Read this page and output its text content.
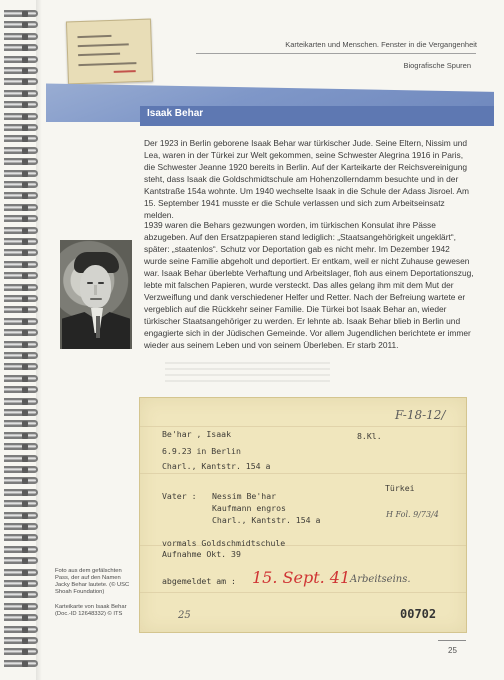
Karteikarten und Menschen. Fenster in die Vergangenheit
Biografische Spuren
Isaak Behar
Der 1923 in Berlin geborene Isaak Behar war türkischer Jude. Seine Eltern, Nissim und Lea, waren in der Türkei zur Welt gekommen, seine Schwester Alegrina 1916 in Paris, die Schwester Jeanne 1920 bereits in Berlin. Auf der Karteikarte der Reichsvereinigung steht, dass Isaak die Goldschmidtschule am Hohenzollerndamm besuchte und in der Kantstraße 154a wohnte. Um 1940 wechselte Isaak in die Schule der Adass Jisroel. Am 15. September 1941 musste er die Schule verlassen und sich zum Arbeitseinsatz melden.
1939 waren die Behars gezwungen worden, im türkischen Konsulat ihre Pässe abzugeben. Auf den Ersatzpapieren stand lediglich: „Staatsangehörigkeit ungeklärt“, später: „staatenlos“. Schutz vor Deportation gab es nicht mehr. Im Dezember 1942 wurde seine Familie abgeholt und deportiert. Er entkam, weil er nicht Zuhause gewesen war. Isaak Behar überlebte Verhaftung und Arbeitslager, floh aus einem Deportationszug, lebte mit falschen Papieren, wurde versteckt. Das alles gelang ihm mit dem Mut der Verzweiflung und dank verschiedener Helfer und Retter. Nach der Befreiung wartete er vergeblich auf die Rückkehr seiner Familie. Die Türkei bot Isaak Behar an, wieder türkischer Staatsangehöriger zu werden. Er lehnte ab. Isaak Behar blieb in Berlin und engagierte sich in der Jüdischen Gemeinde. Vor allem Jugendlichen berichtete er immer wieder aus seinem Leben und von seinem Überleben. Er starb 2011.
F-18-12/
Be'har , Isaak	8.Kl.
6.9.23 in Berlin
Charl., Kantstr. 154 a
Türkei
Vater : Nessim Be'har
Kaufmann engros
Charl., Kantstr. 154 a
H Fol. 9/73/4
vormals Goldschmidtschule
Aufnahme Okt. 39
abgemeldet am : 15. Sept. 41 Arbeitseins.
25	00702
Foto aus dem gefälschten Pass, der auf den Namen Jacky Behar lautete. (© USC Shoah Foundation)
Karteikarte von Isaak Behar (Doc.-ID 12648332) © ITS
25
